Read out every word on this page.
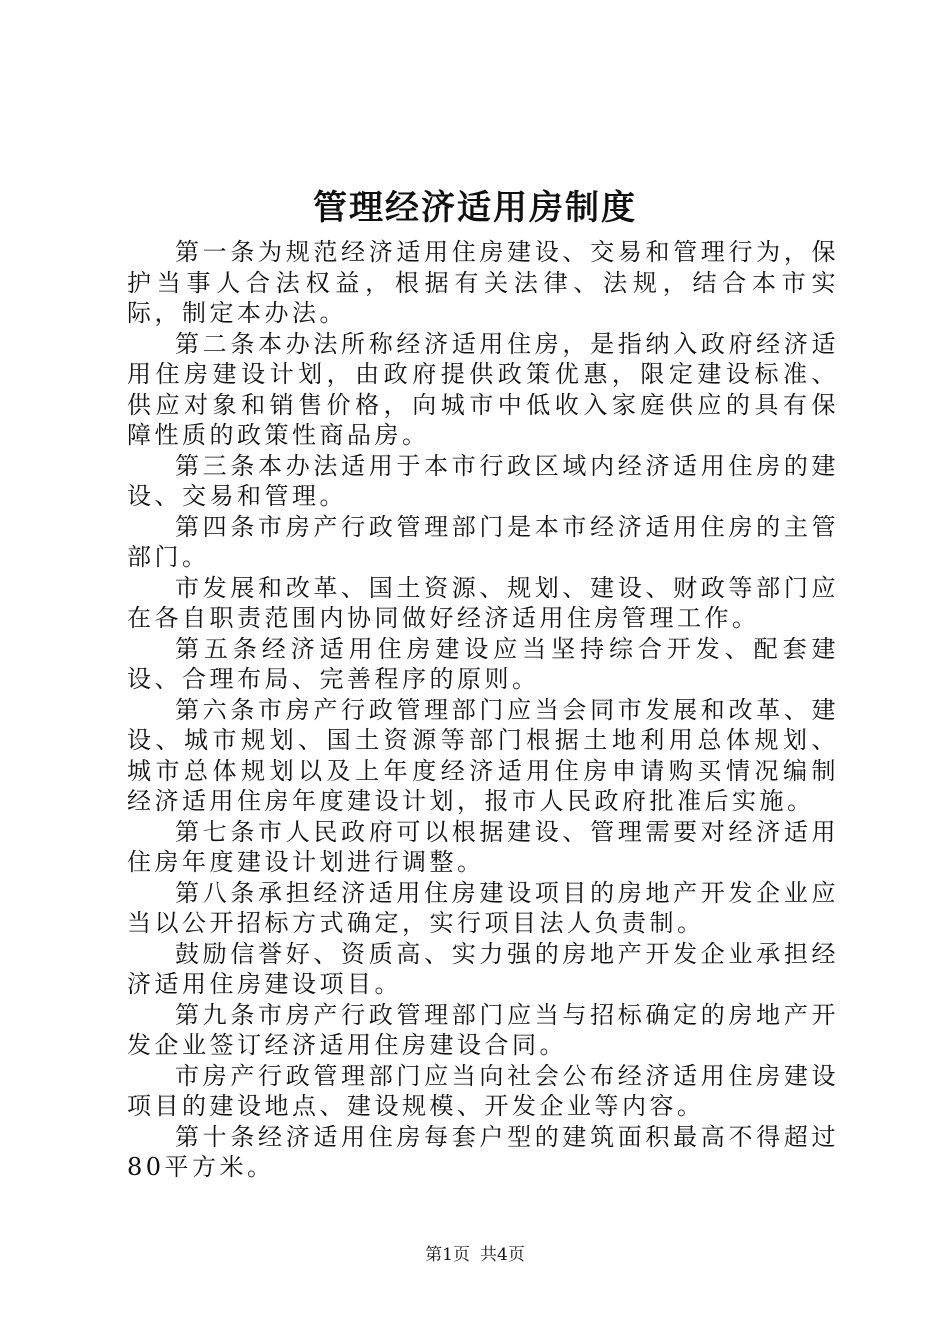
管理经济适用房制度

第一条为规范经济适用住房建设、交易和管理行为，保护当事人合法权益，根据有关法律、法规，结合本市实际，制定本办法。

第二条本办法所称经济适用住房，是指纳入政府经济适用住房建设计划，由政府提供政策优惠，限定建设标准、供应对象和销售价格，向城市中低收入家庭供应的具有保障性质的政策性商品房。

第三条本办法适用于本市行政区域内经济适用住房的建设、交易和管理。

第四条市房产行政管理部门是本市经济适用住房的主管部门。

市发展和改革、国土资源、规划、建设、财政等部门应在各自职责范围内协同做好经济适用住房管理工作。

第五条经济适用住房建设应当坚持综合开发、配套建设、合理布局、完善程序的原则。

第六条市房产行政管理部门应当会同市发展和改革、建设、城市规划、国土资源等部门根据土地利用总体规划、城市总体规划以及上年度经济适用住房申请购买情况编制经济适用住房年度建设计划，报市人民政府批准后实施。

第七条市人民政府可以根据建设、管理需要对经济适用住房年度建设计划进行调整。

第八条承担经济适用住房建设项目的房地产开发企业应当以公开招标方式确定，实行项目法人负责制。

鼓励信誉好、资质高、实力强的房地产开发企业承担经济适用住房建设项目。

第九条市房产行政管理部门应当与招标确定的房地产开发企业签订经济适用住房建设合同。

市房产行政管理部门应当向社会公布经济适用住房建设项目的建设地点、建设规模、开发企业等内容。

第十条经济适用住房每套户型的建筑面积最高不得超过80平方米。

第1页 共4页
